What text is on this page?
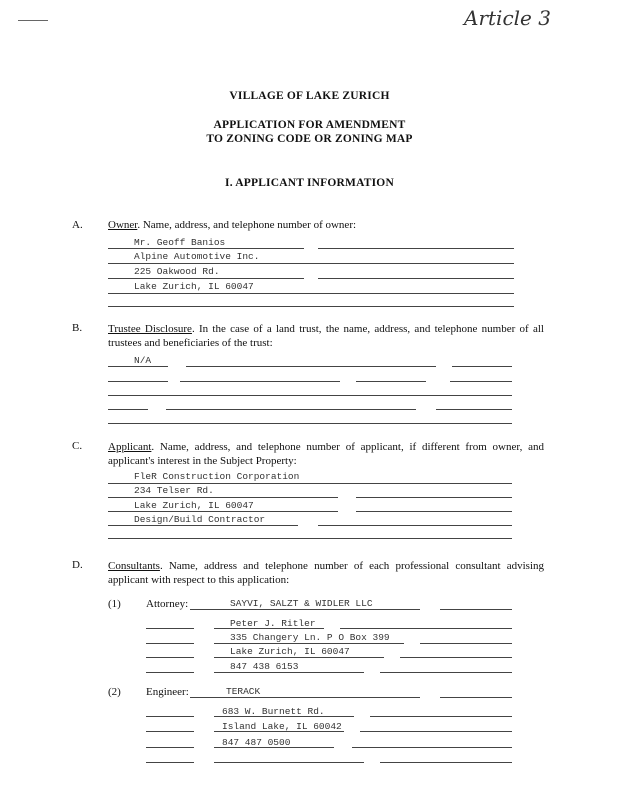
Article 3
VILLAGE OF LAKE ZURICH
APPLICATION FOR AMENDMENT
TO ZONING CODE OR ZONING MAP
I. APPLICANT INFORMATION
A. Owner. Name, address, and telephone number of owner:
Mr. Geoff Banios
Alpine Automotive Inc.
225 Oakwood Rd.
Lake Zurich, IL 60047
B. Trustee Disclosure. In the case of a land trust, the name, address, and telephone number of all trustees and beneficiaries of the trust:
N/A
C. Applicant. Name, address, and telephone number of applicant, if different from owner, and applicant's interest in the Subject Property:
FleR Construction Corporation
234 Telser Rd.
Lake Zurich, IL 60047
Design/Build Contractor
D. Consultants. Name, address and telephone number of each professional consultant advising applicant with respect to this application:
(1) Attorney:	SAYVI, SALZT & WIDLER LLC
Peter J. Ritler
335 Changery Ln. P O Box 399
Lake Zurich, IL 60047
847 438 6153
(2) Engineer:	TERACK
683 W. Burnett Rd.
Island Lake, IL 60042
847 487 0500
